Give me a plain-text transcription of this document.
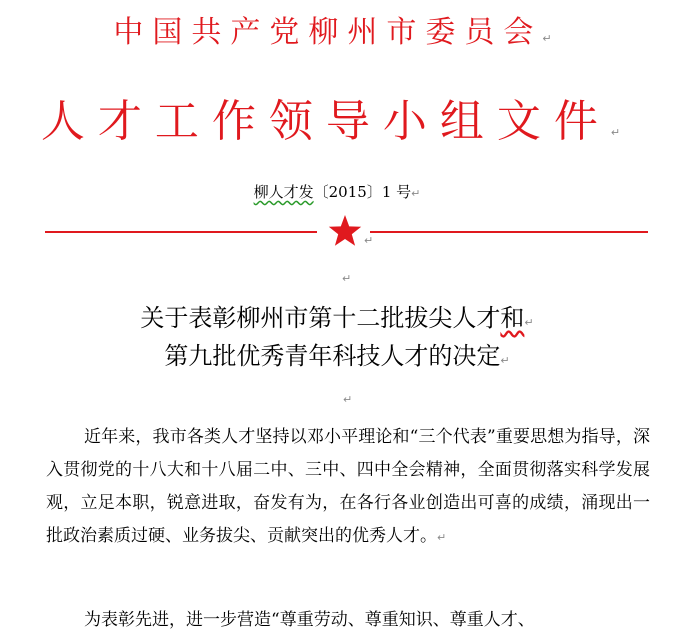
中国共产党柳州市委员会↵
人才工作领导小组文件↵
柳人才发〔2015〕1 号↵
↵
↵
关于表彰柳州市第十二批拔尖人才和↵
第九批优秀青年科技人才的决定↵
↵

近年来，我市各类人才坚持以邓小平理论和“三个代表”重要思想为指导，深入贯彻党的十八大和十八届二中、三中、四中全会精神，全面贯彻落实科学发展观，立足本职，锐意进取，奋发有为，在各行各业创造出可喜的成绩，涌现出一批政治素质过硬、业务拔尖、贡献突出的优秀人才。↵

为表彰先进，进一步营造“尊重劳动、尊重知识、尊重人才、
